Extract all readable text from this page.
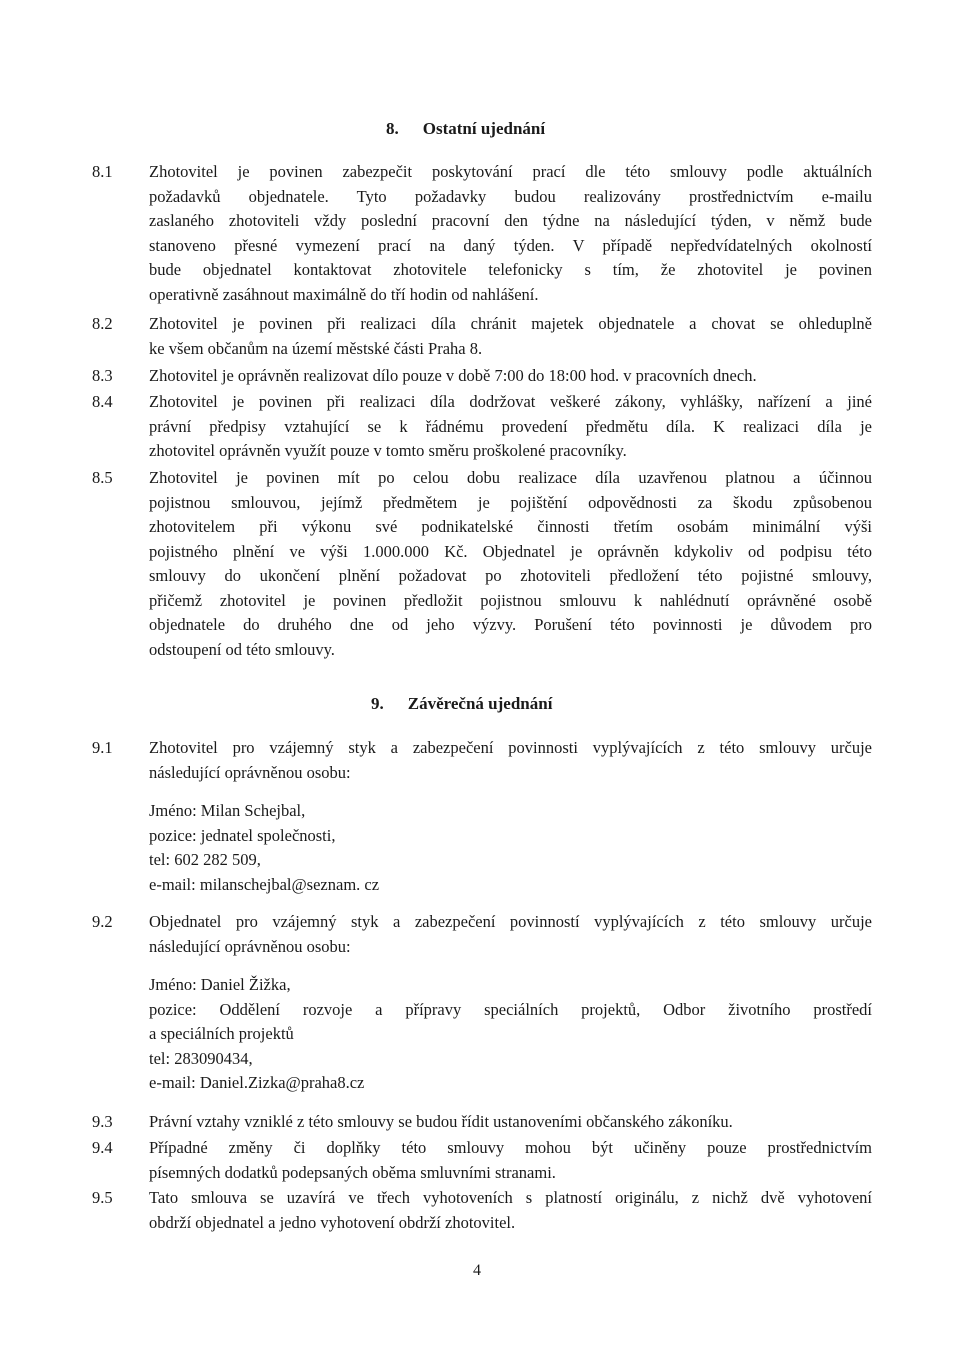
8. Ostatní ujednání
8.1 Zhotovitel je povinen zabezpečit poskytování prací dle této smlouvy podle aktuálních
požadavků objednatele. Tyto požadavky budou realizovány prostřednictvím e-mailu
zaslaného zhotoviteli vždy poslední pracovní den týdne na následující týden, v němž bude
stanoveno přesné vymezení prací na daný týden. V případě nepředvídatelných okolností
bude objednatel kontaktovat zhotovitele telefonicky s tím, že zhotovitel je povinen
operativně zasáhnout maximálně do tří hodin od nahlášení.
8.2 Zhotovitel je povinen při realizaci díla chránit majetek objednatele a chovat se ohleduplně
ke všem občanům na území městské části Praha 8.
8.3 Zhotovitel je oprávněn realizovat dílo pouze v době 7:00 do 18:00 hod. v pracovních dnech.
8.4 Zhotovitel je povinen při realizaci díla dodržovat veškeré zákony, vyhlášky, nařízení a jiné
právní předpisy vztahující se k řádnému provedení předmětu díla. K realizaci díla je
zhotovitel oprávněn využít pouze v tomto směru proškolené pracovníky.
8.5 Zhotovitel je povinen mít po celou dobu realizace díla uzavřenou platnou a účinnou
pojistnou smlouvou, jejímž předmětem je pojištění odpovědnosti za škodu způsobenou
zhotovitelem při výkonu své podnikatelské činnosti třetím osobám minimální výši
pojistného plnění ve výši 1.000.000 Kč. Objednatel je oprávněn kdykoliv od podpisu této
smlouvy do ukončení plnění požadovat po zhotoviteli předložení této pojistné smlouvy,
přičemž zhotovitel je povinen předložit pojistnou smlouvu k nahlédnutí oprávněné osobě
objednatele do druhého dne od jeho výzvy. Porušení této povinnosti je důvodem pro
odstoupení od této smlouvy.
9. Závěrečná ujednání
9.1 Zhotovitel pro vzájemný styk a zabezpečení povinnosti vyplývajících z této smlouvy určuje
následující oprávněnou osobu:
Jméno: Milan Schejbal,
pozice: jednatel společnosti,
tel: 602 282 509,
e-mail: milanschejbal@seznam. cz
9.2 Objednatel pro vzájemný styk a zabezpečení povinností vyplývajících z této smlouvy určuje
následující oprávněnou osobu:
Jméno: Daniel Žižka,
pozice: Oddělení rozvoje a přípravy speciálních projektů, Odbor životního prostředí
a speciálních projektů
tel: 283090434,
e-mail: Daniel.Zizka@praha8.cz
9.3 Právní vztahy vzniklé z této smlouvy se budou řídit ustanoveními občanského zákoníku.
9.4 Případné změny či doplňky této smlouvy mohou být učiněny pouze prostřednictvím
písemných dodatků podepsaných oběma smluvními stranami.
9.5 Tato smlouva se uzavírá ve třech vyhotoveních s platností originálu, z nichž dvě vyhotovení
obdrží objednatel a jedno vyhotovení obdrží zhotovitel.
4
